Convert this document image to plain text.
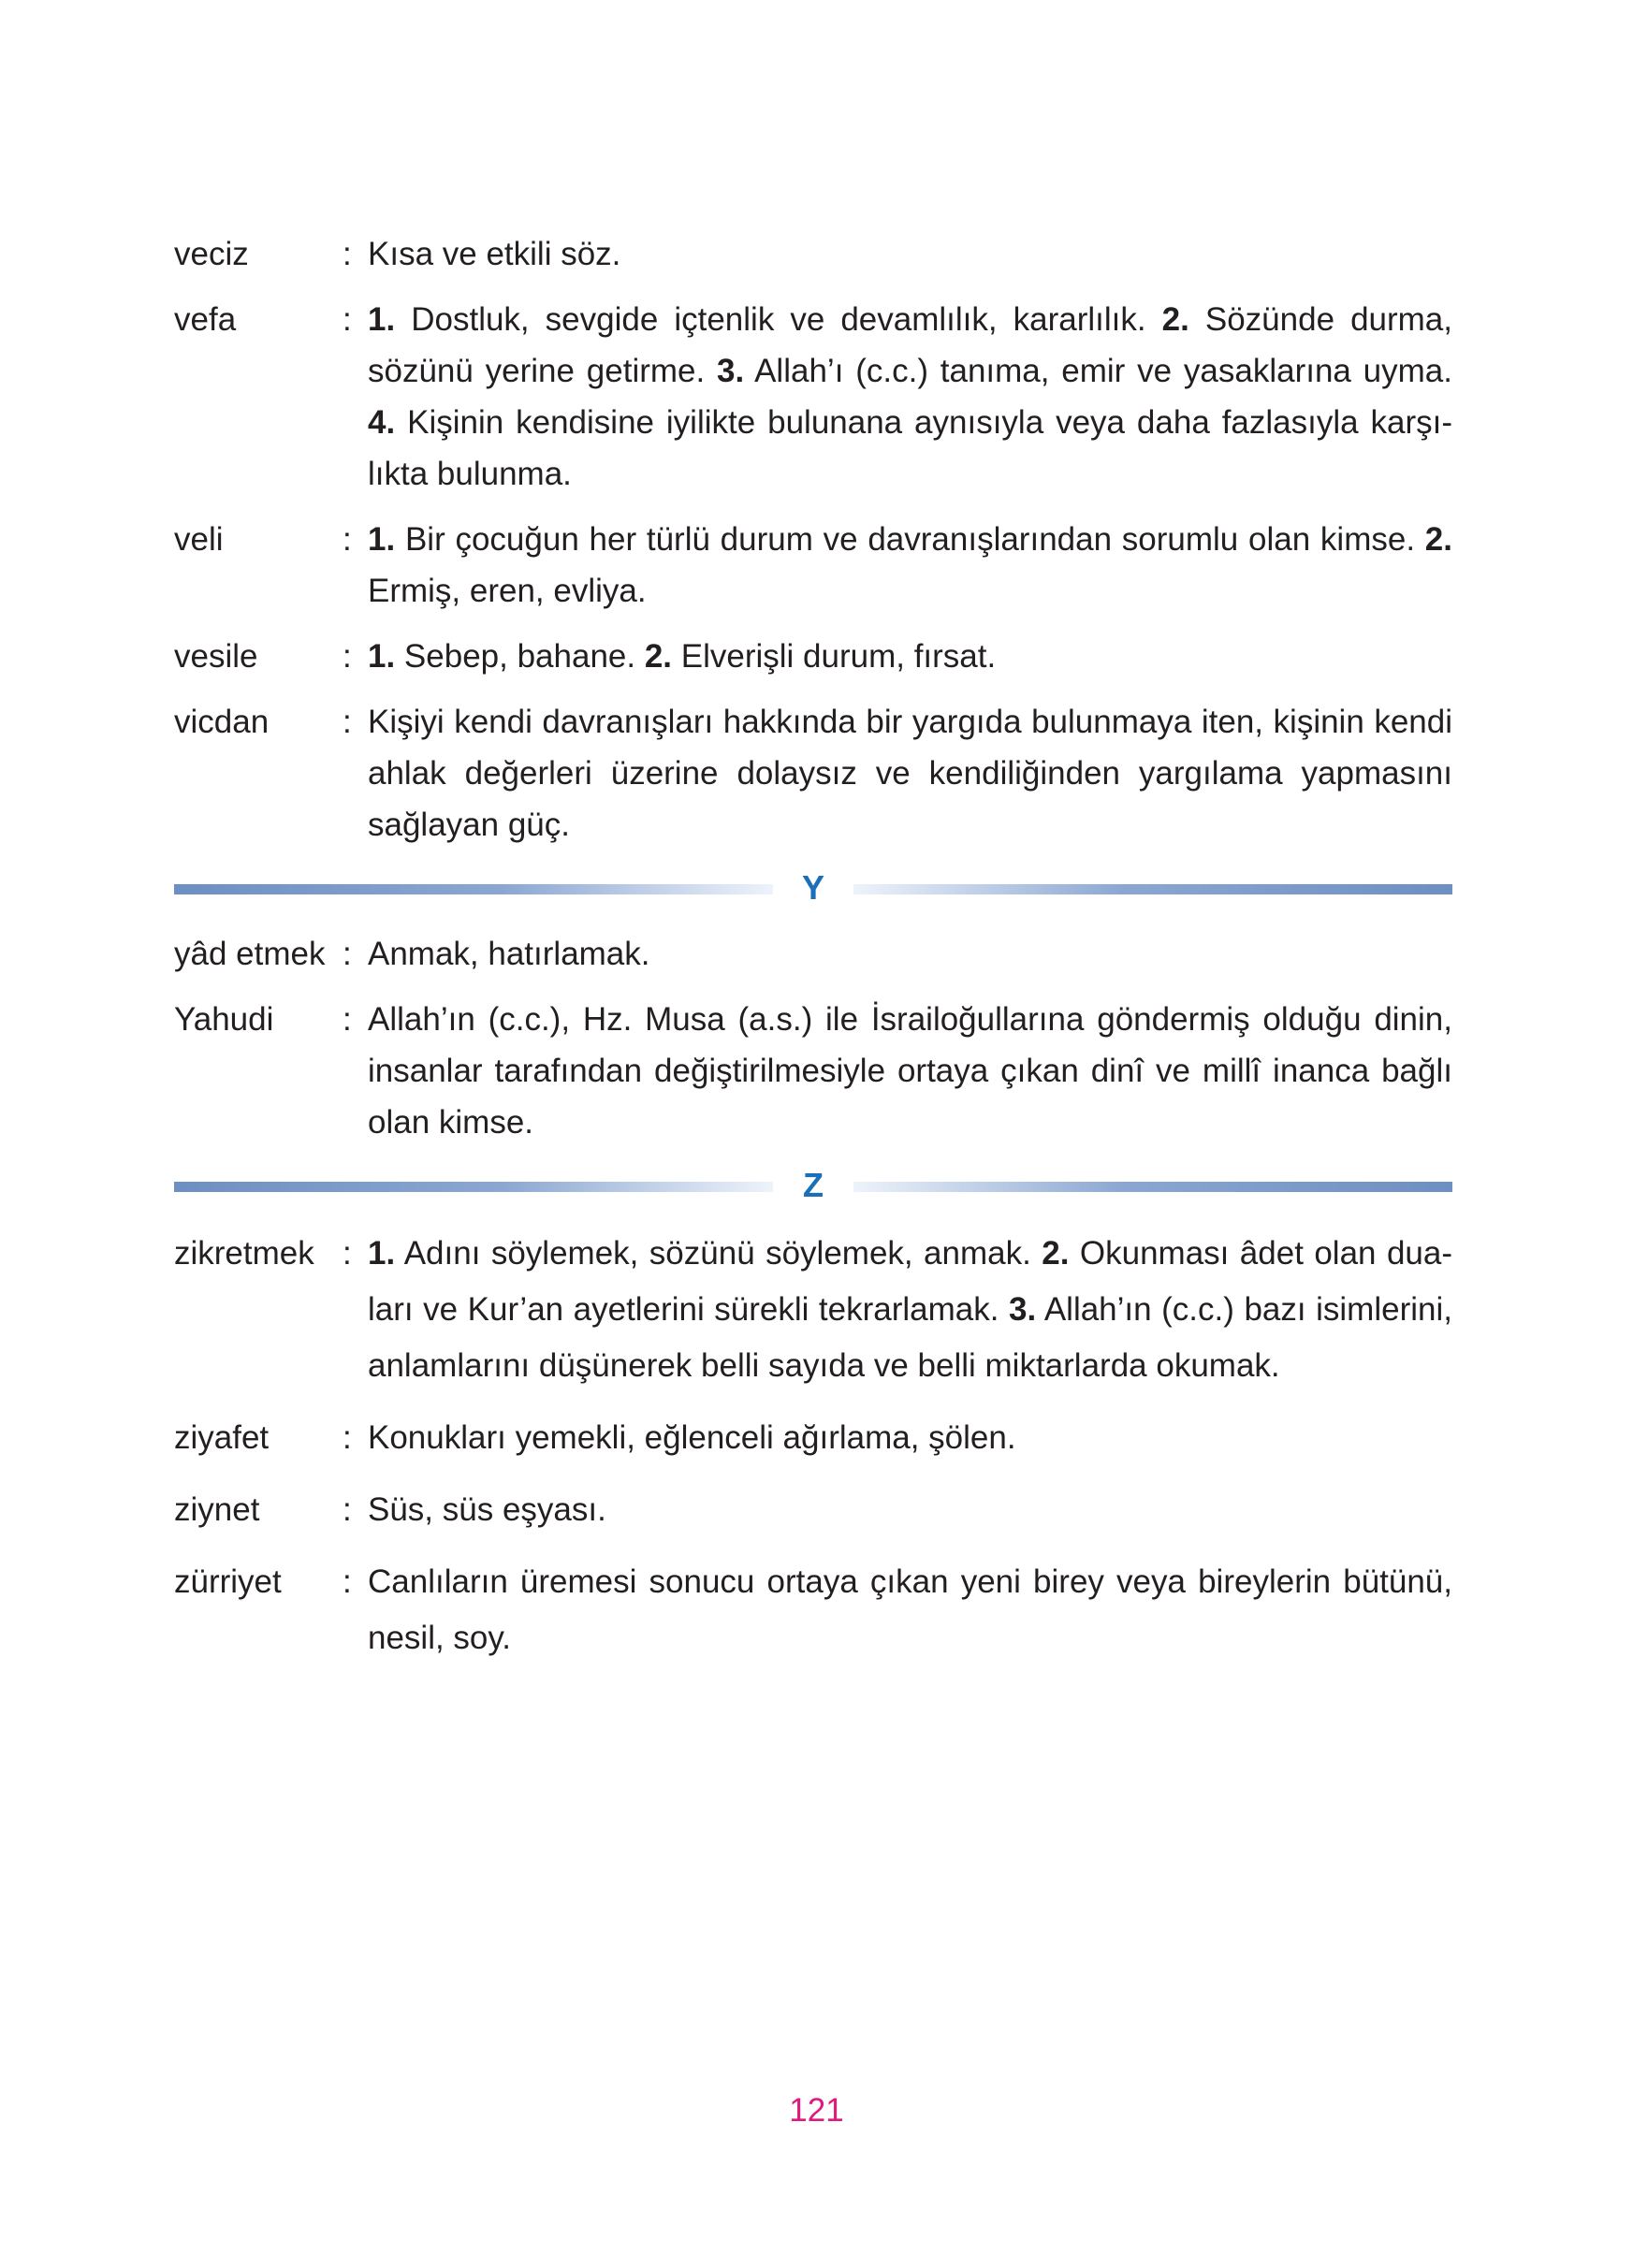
veciz	: Kısa ve etkili söz.
vefa	: 1. Dostluk, sevgide içtenlik ve devamlılık, kararlılık. 2. Sözünde durma, sözünü yerine getirme. 3. Allah’ı (c.c.) tanıma, emir ve yasaklarına uyma. 4. Kişinin kendisine iyilikte bulunana aynısıyla veya daha fazlasıyla karşı-lıkta bulunma.
veli	: 1. Bir çocuğun her türlü durum ve davranışlarından sorumlu olan kimse. 2. Ermiş, eren, evliya.
vesile	: 1. Sebep, bahane. 2. Elverişli durum, fırsat.
vicdan	: Kişiyi kendi davranışları hakkında bir yargıda bulunmaya iten, kişinin kendi ahlak değerleri üzerine dolaysız ve kendiliğinden yargılama yapmasını sağlayan güç.
Y
yâd etmek : Anmak, hatırlamak.
Yahudi	: Allah’ın (c.c.), Hz. Musa (a.s.) ile İsrailoğullarına göndermiş olduğu dinin, insanlar tarafından değiştirilmesiyle ortaya çıkan dinî ve millî inanca bağlı olan kimse.
Z
zikretmek : 1. Adını söylemek, sözünü söylemek, anmak. 2. Okunması âdet olan dua-ları ve Kur’an ayetlerini sürekli tekrarlamak. 3. Allah’ın (c.c.) bazı isimlerini, anlamlarını düşünerek belli sayıda ve belli miktarlarda okumak.
ziyafet	: Konukları yemekli, eğlenceli ağırlama, şölen.
ziynet	: Süs, süs eşyası.
zürriyet	: Canlıların üremesi sonucu ortaya çıkan yeni birey veya bireylerin bütünü, nesil, soy.
121
